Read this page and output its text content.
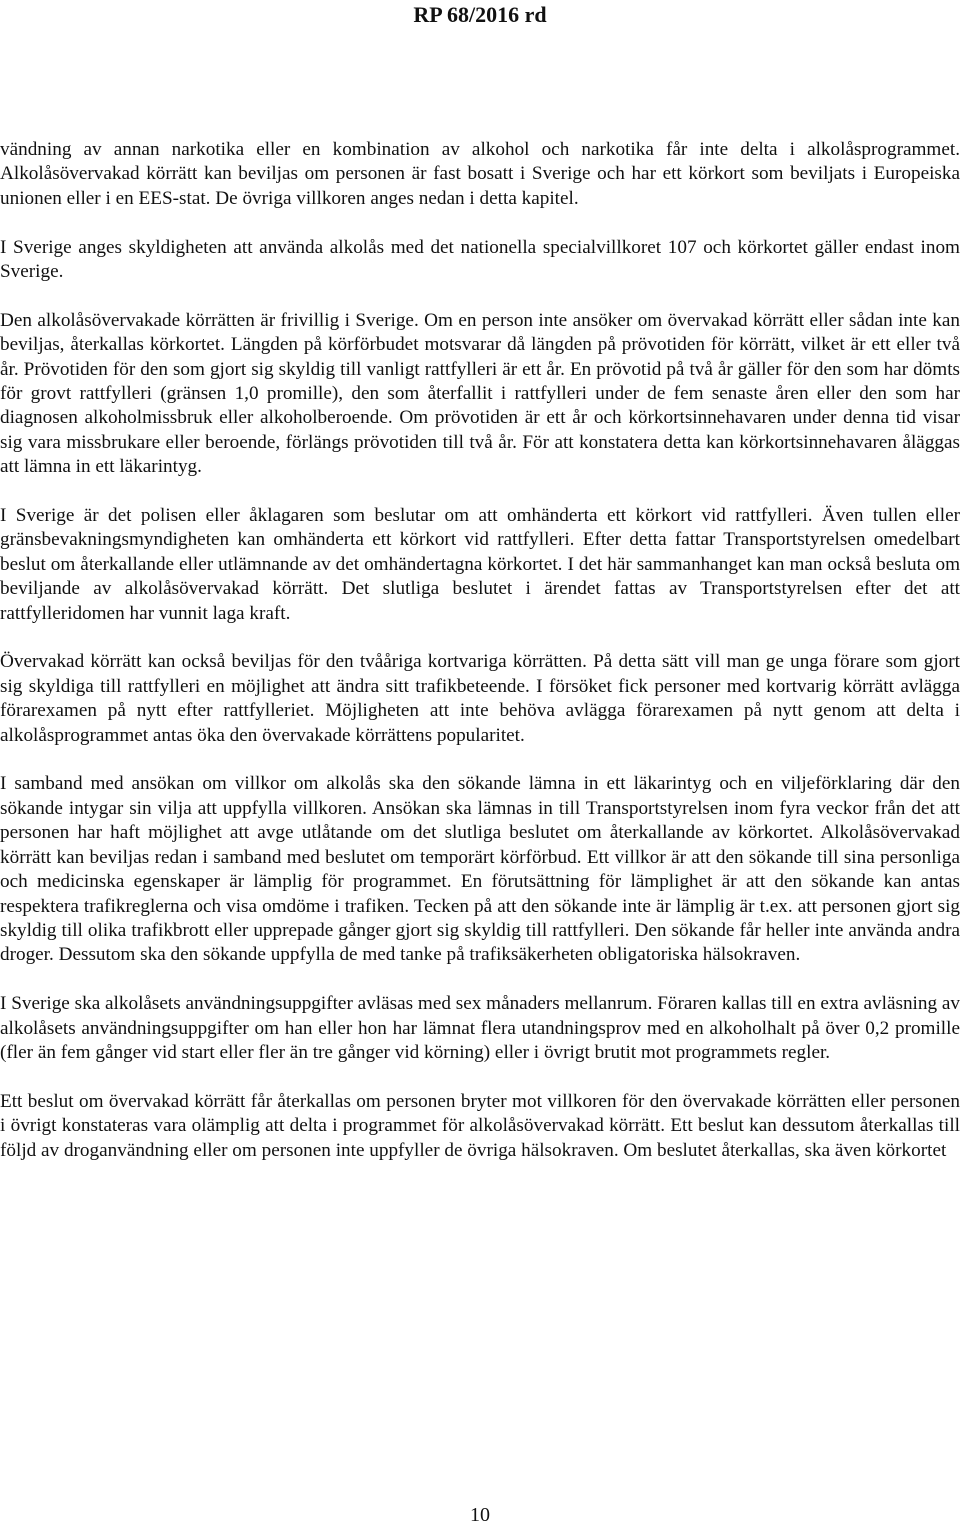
RP 68/2016 rd

vändning av annan narkotika eller en kombination av alkohol och narkotika får inte delta i alkolåsprogrammet. Alkolåsövervakad körrätt kan beviljas om personen är fast bosatt i Sverige och har ett körkort som beviljats i Europeiska unionen eller i en EES-stat. De övriga villkoren anges nedan i detta kapitel.

I Sverige anges skyldigheten att använda alkolås med det nationella specialvillkoret 107 och körkortet gäller endast inom Sverige.

Den alkolåsövervakade körrätten är frivillig i Sverige. Om en person inte ansöker om övervakad körrätt eller sådan inte kan beviljas, återkallas körkortet. Längden på körförbudet motsvarar då längden på prövotiden för körrätt, vilket är ett eller två år. Prövotiden för den som gjort sig skyldig till vanligt rattfylleri är ett år. En prövotid på två år gäller för den som har dömts för grovt rattfylleri (gränsen 1,0 promille), den som återfallit i rattfylleri under de fem senaste åren eller den som har diagnosen alkoholmissbruk eller alkoholberoende. Om prövotiden är ett år och körkortsinnehavaren under denna tid visar sig vara missbrukare eller beroende, förlängs prövotiden till två år. För att konstatera detta kan körkortsinnehavaren åläggas att lämna in ett läkarintyg.

I Sverige är det polisen eller åklagaren som beslutar om att omhänderta ett körkort vid rattfylleri. Även tullen eller gränsbevakningsmyndigheten kan omhänderta ett körkort vid rattfylleri. Efter detta fattar Transportstyrelsen omedelbart beslut om återkallande eller utlämnande av det omhändertagna körkortet. I det här sammanhanget kan man också besluta om beviljande av alkolåsövervakad körrätt. Det slutliga beslutet i ärendet fattas av Transportstyrelsen efter det att rattfylleridomen har vunnit laga kraft.

Övervakad körrätt kan också beviljas för den tvååriga kortvariga körrätten. På detta sätt vill man ge unga förare som gjort sig skyldiga till rattfylleri en möjlighet att ändra sitt trafikbeteende. I försöket fick personer med kortvarig körrätt avlägga förarexamen på nytt efter rattfylleriet. Möjligheten att inte behöva avlägga förarexamen på nytt genom att delta i alkolåsprogrammet antas öka den övervakade körrättens popularitet.

I samband med ansökan om villkor om alkolås ska den sökande lämna in ett läkarintyg och en viljeförklaring där den sökande intygar sin vilja att uppfylla villkoren. Ansökan ska lämnas in till Transportstyrelsen inom fyra veckor från det att personen har haft möjlighet att avge utlåtande om det slutliga beslutet om återkallande av körkortet. Alkolåsövervakad körrätt kan beviljas redan i samband med beslutet om temporärt körförbud. Ett villkor är att den sökande till sina personliga och medicinska egenskaper är lämplig för programmet. En förutsättning för lämplighet är att den sökande kan antas respektera trafikreglerna och visa omdöme i trafiken. Tecken på att den sökande inte är lämplig är t.ex. att personen gjort sig skyldig till olika trafikbrott eller upprepade gånger gjort sig skyldig till rattfylleri. Den sökande får heller inte använda andra droger. Dessutom ska den sökande uppfylla de med tanke på trafiksäkerheten obligatoriska hälsokraven.

I Sverige ska alkolåsets användningsuppgifter avläsas med sex månaders mellanrum. Föraren kallas till en extra avläsning av alkolåsets användningsuppgifter om han eller hon har lämnat flera utandningsprov med en alkoholhalt på över 0,2 promille (fler än fem gånger vid start eller fler än tre gånger vid körning) eller i övrigt brutit mot programmets regler.

Ett beslut om övervakad körrätt får återkallas om personen bryter mot villkoren för den övervakade körrätten eller personen i övrigt konstateras vara olämplig att delta i programmet för alkolåsövervakad körrätt. Ett beslut kan dessutom återkallas till följd av droganvändning eller om personen inte uppfyller de övriga hälsokraven. Om beslutet återkallas, ska även körkortet

10
